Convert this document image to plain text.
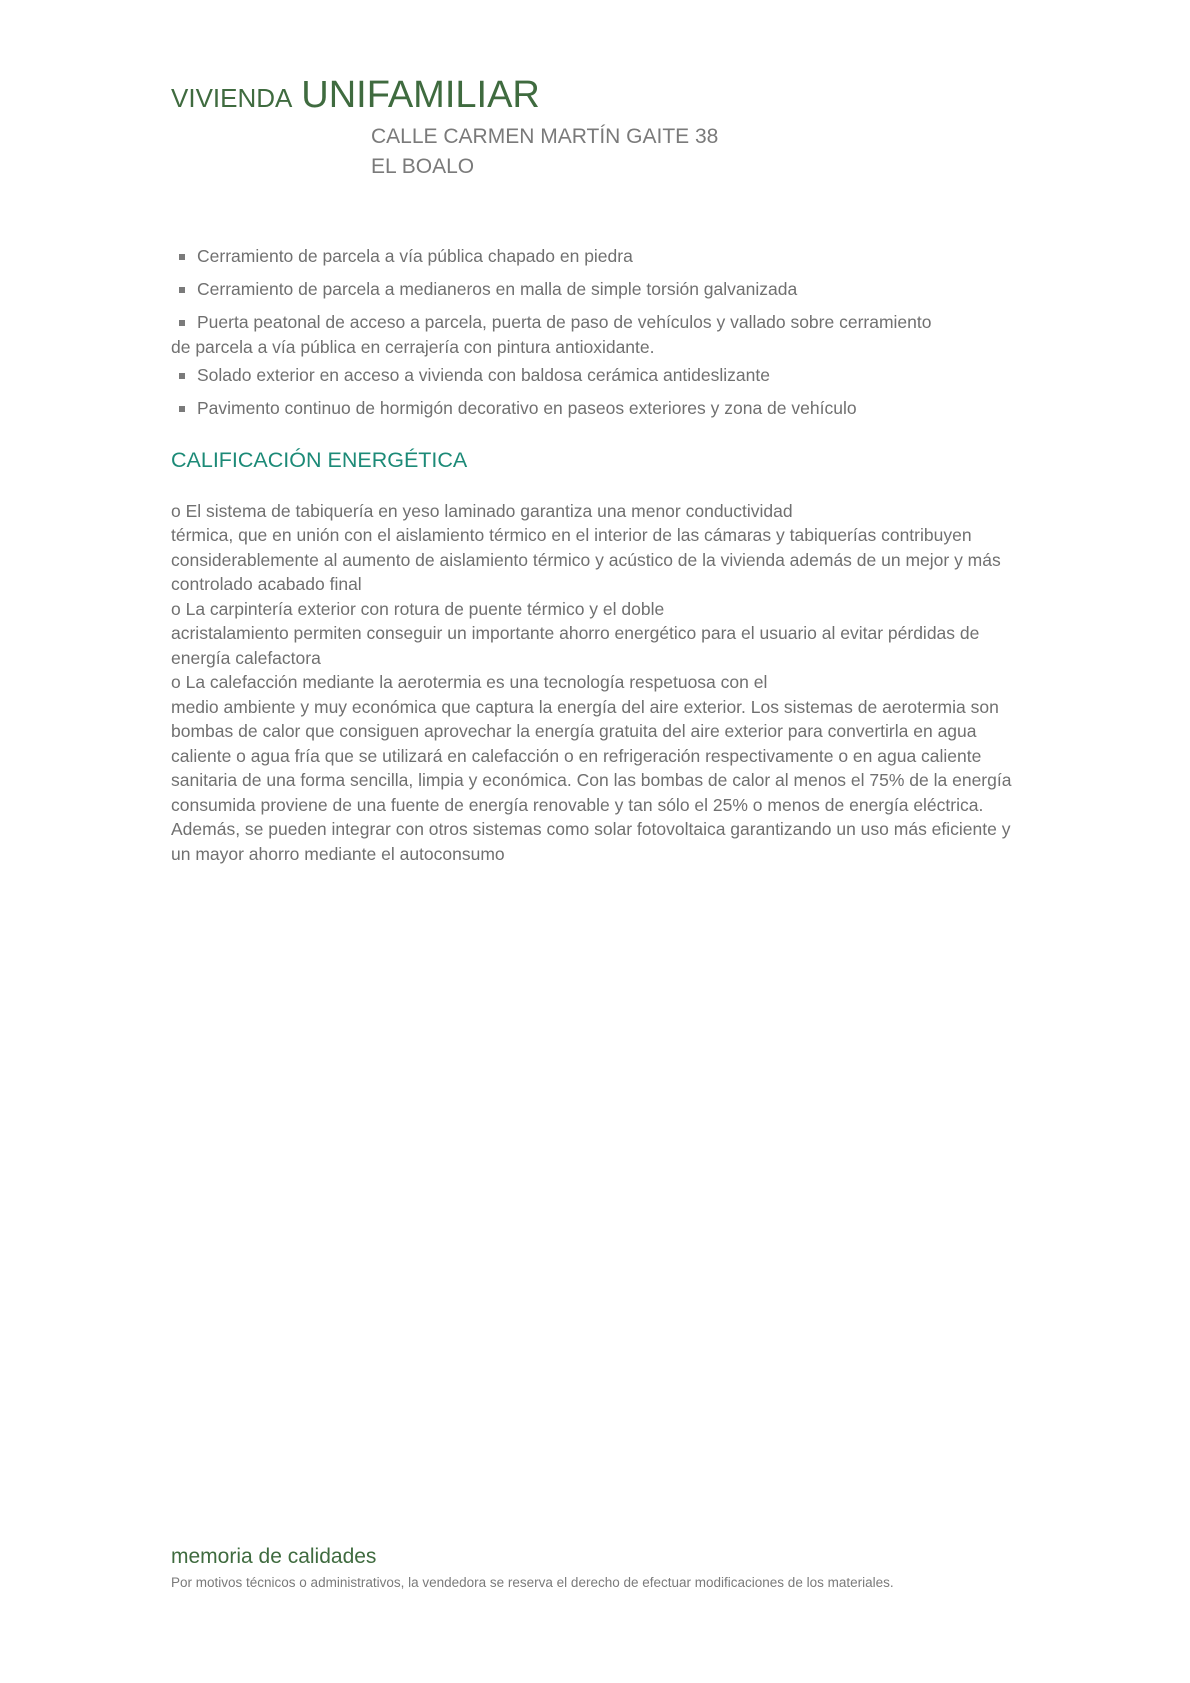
VIVIENDA UNIFAMILIAR
CALLE CARMEN MARTÍN GAITE 38
EL BOALO
Cerramiento de parcela a vía pública chapado en piedra
Cerramiento de parcela a medianeros en malla de simple torsión galvanizada
Puerta peatonal de acceso a parcela, puerta de paso de vehículos y vallado sobre cerramiento
de parcela a vía pública en cerrajería con pintura antioxidante.
Solado exterior en acceso a vivienda con baldosa cerámica antideslizante
Pavimento continuo de hormigón decorativo en paseos exteriores y zona de vehículo
CALIFICACIÓN ENERGÉTICA

o El sistema de tabiquería en yeso laminado garantiza una menor conductividad

térmica, que en unión con el aislamiento térmico en el interior de las cámaras y tabiquerías contribuyen considerablemente al aumento de aislamiento térmico y acústico de la vivienda además de un mejor y más controlado acabado final

o La carpintería exterior con rotura de puente térmico y el doble

acristalamiento permiten conseguir un importante ahorro energético para el usuario al evitar pérdidas de energía calefactora

o La calefacción mediante la aerotermia es una tecnología respetuosa con el

medio ambiente y muy económica que captura la energía del aire exterior. Los sistemas de aerotermia son bombas de calor que consiguen aprovechar la energía gratuita del aire exterior para convertirla en agua caliente o agua fría que se utilizará en calefacción o en refrigeración respectivamente o en agua caliente sanitaria de una forma sencilla, limpia y económica. Con las bombas de calor al menos el 75% de la energía consumida proviene de una fuente de energía renovable y tan sólo el 25% o menos de energía eléctrica. Además, se pueden integrar con otros sistemas como solar fotovoltaica garantizando un uso más eficiente y un mayor ahorro mediante el autoconsumo

memoria de calidades
Por motivos técnicos o administrativos, la vendedora se reserva el derecho de efectuar modificaciones de los materiales.
